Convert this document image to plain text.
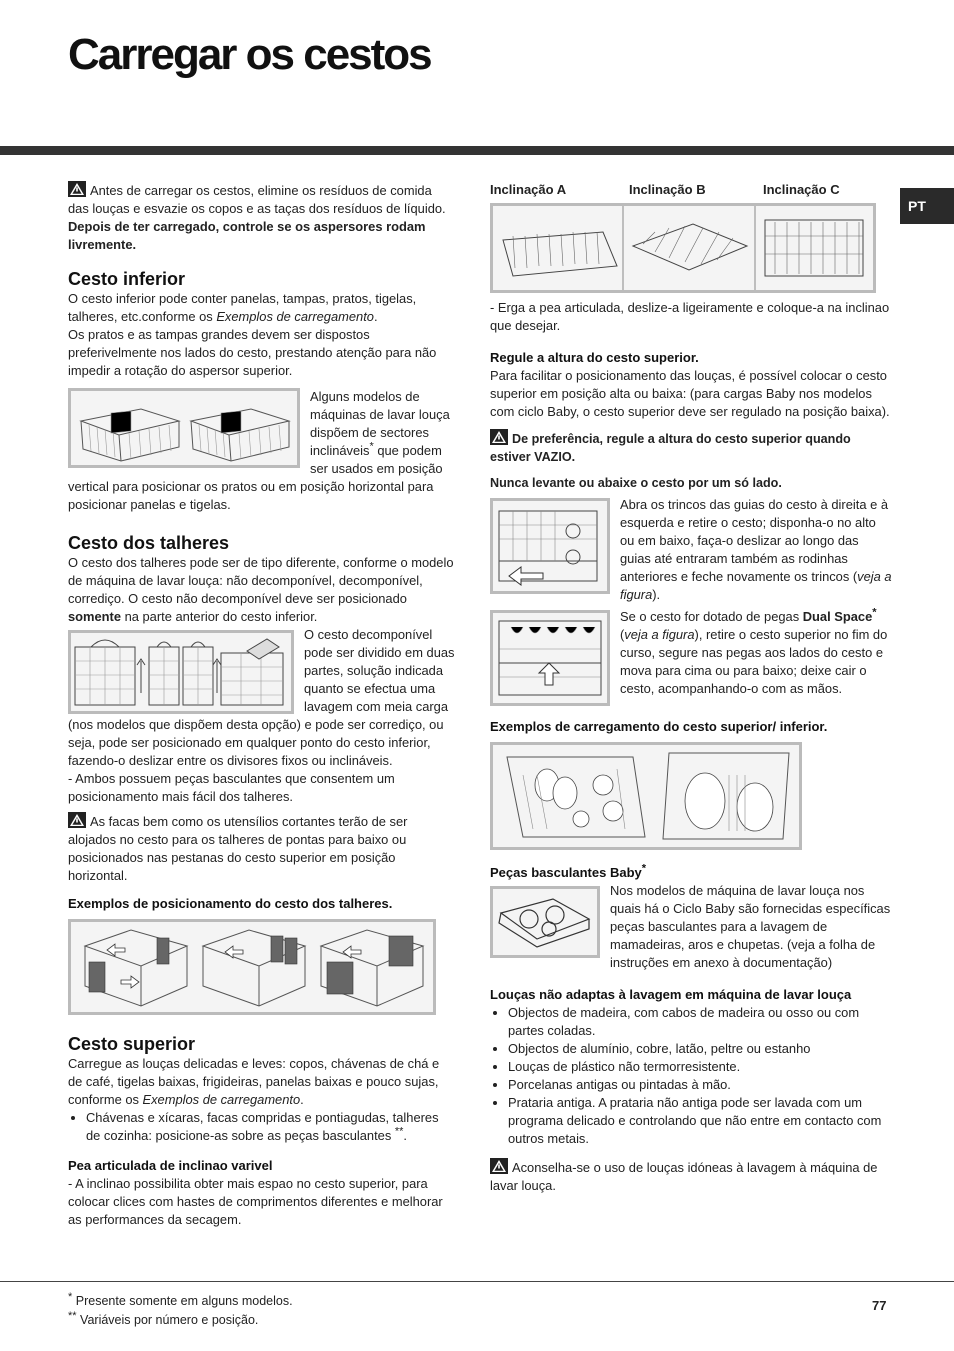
Carregar os cestos
PT

Antes de carregar os cestos, elimine os resíduos de comida das louças e esvazie os copos e as taças dos resíduos de líquido.

Depois de ter carregado, controle se os aspersores rodam livremente.

Cesto inferior

O cesto inferior pode conter panelas, tampas, pratos, tigelas, talheres, etc.conforme os Exemplos de carregamento.

Os pratos e as tampas grandes devem ser dispostos preferivelmente nos lados do cesto, prestando atenção para não impedir a rotação do aspersor superior.

Alguns modelos de máquinas de lavar louça dispõem de sectores inclináveis* que podem ser usados em posição vertical para posicionar os pratos ou em posição horizontal para posicionar panelas e tigelas.

Cesto dos talheres

O cesto dos talheres pode ser de tipo diferente, conforme o modelo de máquina de lavar louça: não decomponível, decomponível, corrediço. O cesto não decomponível deve ser posicionado somente na parte anterior do cesto inferior.

O cesto decomponível pode ser dividido em duas partes, solução indicada quanto se efectua uma lavagem com meia carga (nos modelos que dispõem desta opção) e pode ser corrediço, ou seja, pode ser posicionado em qualquer ponto do cesto inferior, fazendo-o deslizar entre os divisores fixos ou inclináveis.

- Ambos possuem peças basculantes que consentem um posicionamento mais fácil dos talheres.

As facas bem como os utensílios cortantes terão de ser alojados no cesto para os talheres de pontas para baixo ou posicionados nas pestanas do cesto superior em posição horizontal.

Exemplos de posicionamento do cesto dos talheres.
Cesto superior

Carregue as louças delicadas e leves: copos, chávenas de chá e de café, tigelas baixas, frigideiras, panelas baixas e pouco sujas, conforme os Exemplos de carregamento.

• Chávenas e xícaras, facas compridas e pontiagudas, talheres de cozinha: posicione-as sobre as peças basculantes **.
Pea articulada de inclinao varivel

- A inclinao possibilita obter mais espao no cesto superior, para colocar clices com hastes de comprimentos diferentes e melhorar as performances da secagem.

Inclinação A	Inclinação B	Inclinação C

- Erga a pea articulada, deslize-a ligeiramente e coloque-a na inclinao que desejar.

Regule a altura do cesto superior.

Para facilitar o posicionamento das louças, é possível colocar o cesto superior em posição alta ou baixa: (para cargas Baby nos modelos com ciclo Baby, o cesto superior deve ser regulado na posição baixa).

De preferência, regule a altura do cesto superior quando estiver VAZIO.

Nunca levante ou abaixe o cesto por um só lado.

Abra os trincos das guias do cesto à direita e à esquerda e retire o cesto; disponha-o no alto ou em baixo, faça-o deslizar ao longo das guias até entraram também as rodinhas anteriores e feche novamente os trincos (veja a figura).

Se o cesto for dotado de pegas Dual Space* (veja a figura), retire o cesto superior no fim do curso, segure nas pegas aos lados do cesto e mova para cima ou para baixo; deixe cair o cesto, acompanhando-o com as mãos.

Exemplos de carregamento do cesto superior/ inferior.
Peças basculantes Baby*

Nos modelos de máquina de lavar louça nos quais há o Ciclo Baby são fornecidas específicas peças basculantes para a lavagem de mamadeiras, aros e chupetas. (veja a folha de instruções em anexo à documentação)

Louças não adaptas à lavagem em máquina de lavar louça
• Objectos de madeira, com cabos de madeira ou osso ou com partes coladas.
• Objectos de alumínio, cobre, latão, peltre ou estanho
• Louças de plástico não termorresistente.
• Porcelanas antigas ou pintadas à mão.
• Prataria antiga. A prataria não antiga pode ser lavada com um programa delicado e controlando que não entre em contacto com outros metais.

Aconselha-se o uso de louças idóneas à lavagem à máquina de lavar louça.

* Presente somente em alguns modelos.
** Variáveis por número e posição.
77
